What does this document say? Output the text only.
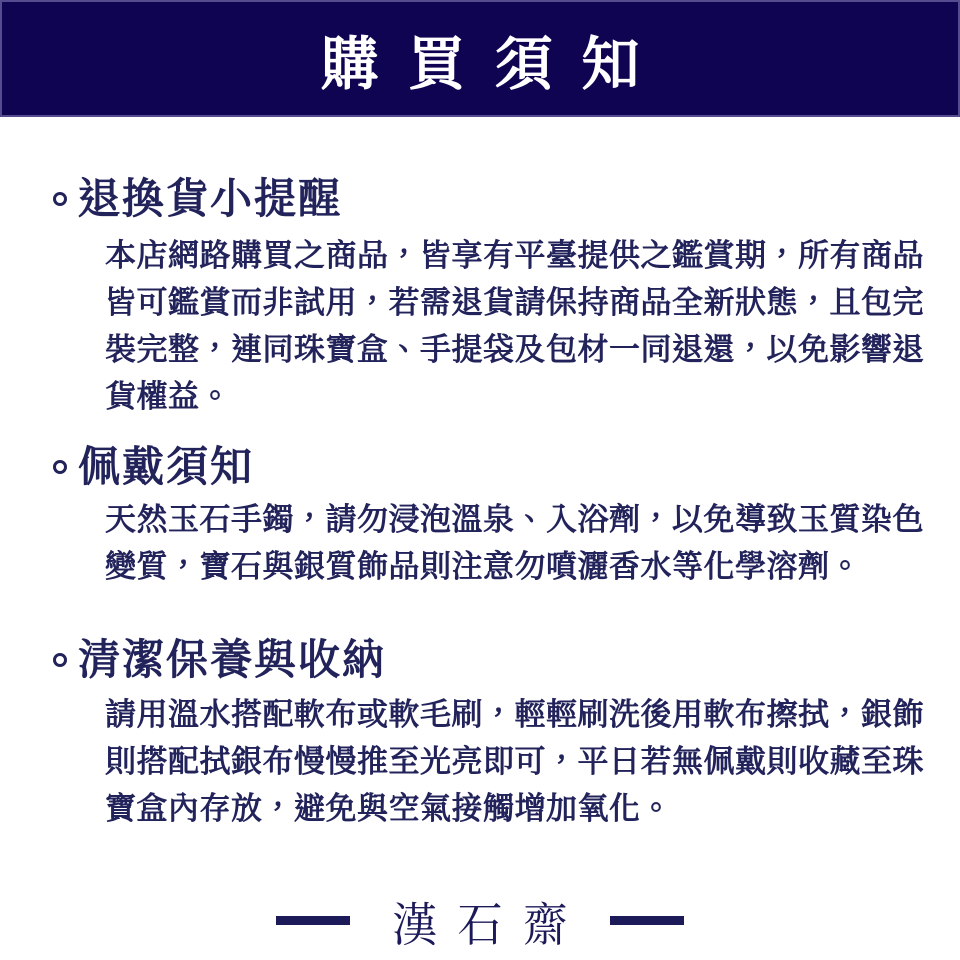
購買須知
退換貨小提醒
本店網路購買之商品，皆享有平臺提供之鑑賞期，所有商品
皆可鑑賞而非試用，若需退貨請保持商品全新狀態，且包完
裝完整，連同珠寶盒、手提袋及包材一同退還，以免影響退
貨權益。
佩戴須知
天然玉石手鐲，請勿浸泡溫泉、入浴劑，以免導致玉質染色
變質，寶石與銀質飾品則注意勿噴灑香水等化學溶劑。
清潔保養與收納
請用溫水搭配軟布或軟毛刷，輕輕刷洗後用軟布擦拭，銀飾
則搭配拭銀布慢慢推至光亮即可，平日若無佩戴則收藏至珠
寶盒內存放，避免與空氣接觸增加氧化。
漢石齋
